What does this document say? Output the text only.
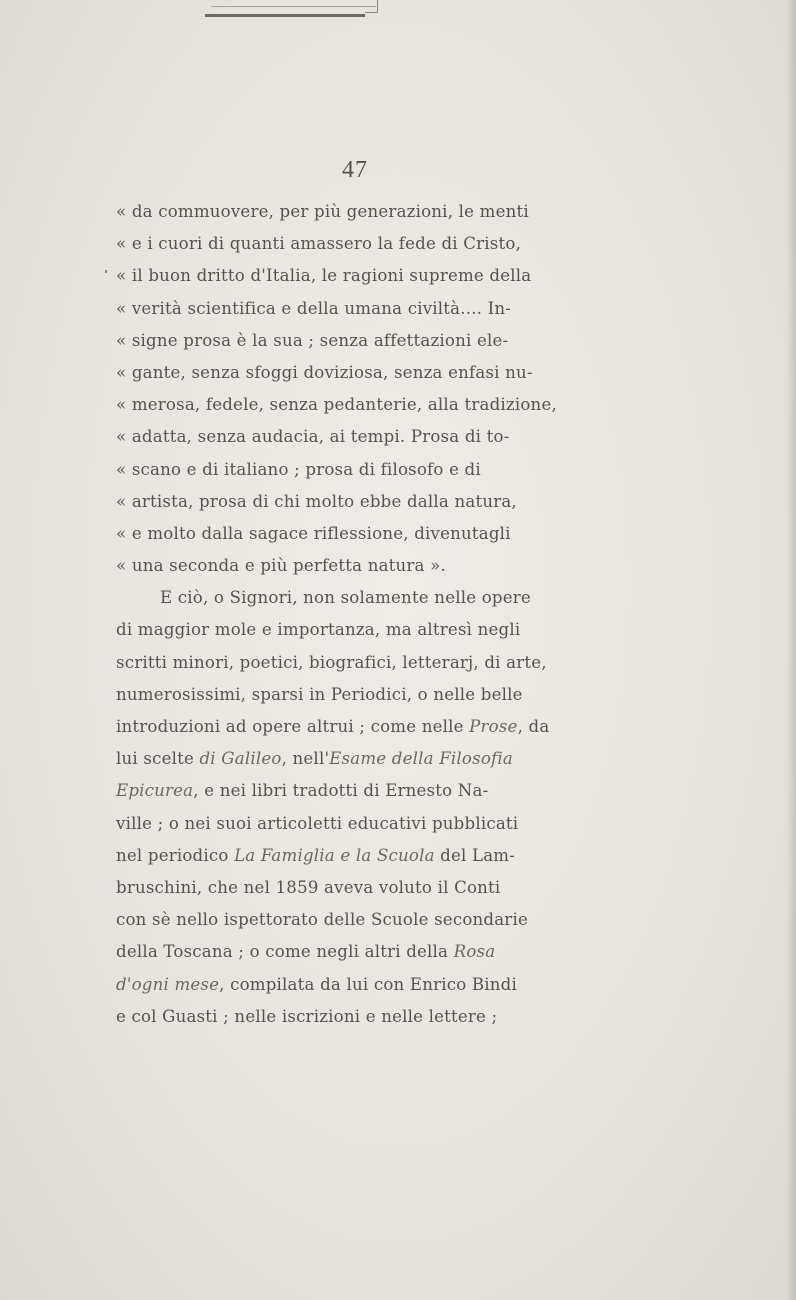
47
« da commuovere, per più generazioni, le menti
« e i cuori di quanti amassero la fede di Cristo,
« il buon dritto d'Italia, le ragioni supreme della
« verità scientifica e della umana civiltà.... In-
« signe prosa è la sua ; senza affettazioni ele-
« gante, senza sfoggi doviziosa, senza enfasi nu-
« merosa, fedele, senza pedanterie, alla tradizione,
« adatta, senza audacia, ai tempi. Prosa di to-
« scano e di italiano ; prosa di filosofo e di
« artista, prosa di chi molto ebbe dalla natura,
« e molto dalla sagace riflessione, divenutagli
« una seconda e più perfetta natura ».
E ciò, o Signori, non solamente nelle opere
di maggior mole e importanza, ma altresì negli
scritti minori, poetici, biografici, letterarj, di arte,
numerosissimi, sparsi in Periodici, o nelle belle
introduzioni ad opere altrui ; come nelle Prose, da
lui scelte di Galileo, nell'Esame della Filosofia
Epicurea, e nei libri tradotti di Ernesto Na-
ville ; o nei suoi articoletti educativi pubblicati
nel periodico La Famiglia e la Scuola del Lam-
bruschini, che nel 1859 aveva voluto il Conti
con sè nello ispettorato delle Scuole secondarie
della Toscana ; o come negli altri della Rosa
d'ogni mese, compilata da lui con Enrico Bindi
e col Guasti ; nelle iscrizioni e nelle lettere ;
